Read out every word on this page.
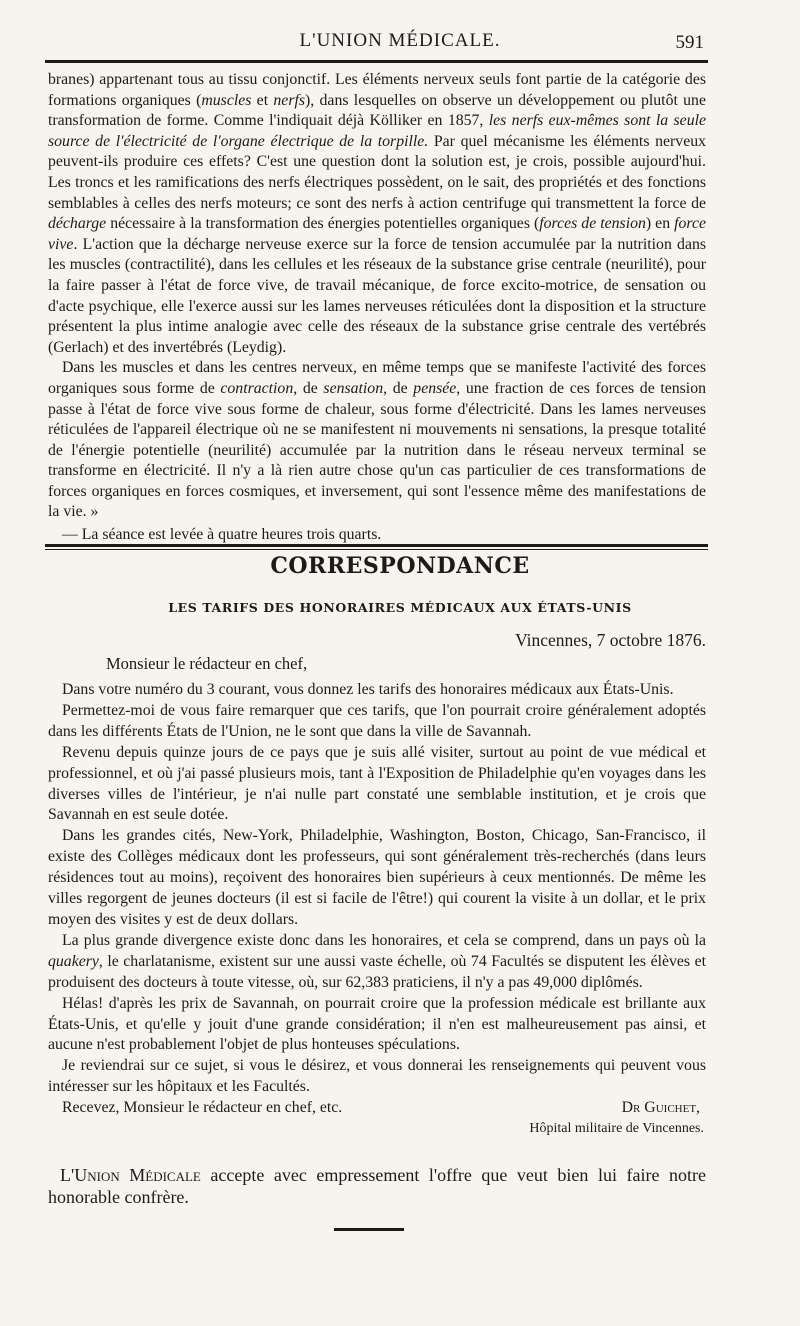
L'UNION MÉDICALE.	591

branes) appartenant tous au tissu conjonctif. Les éléments nerveux seuls font partie de la catégorie des formations organiques (muscles et nerfs), dans lesquelles on observe un développement ou plutôt une transformation de forme. Comme l'indiquait déjà Kölliker en 1857, les nerfs eux-mêmes sont la seule source de l'électricité de l'organe électrique de la torpille. Par quel mécanisme les éléments nerveux peuvent-ils produire ces effets? C'est une question dont la solution est, je crois, possible aujourd'hui. Les troncs et les ramifications des nerfs électriques possèdent, on le sait, des propriétés et des fonctions semblables à celles des nerfs moteurs; ce sont des nerfs à action centrifuge qui transmettent la force de décharge nécessaire à la transformation des énergies potentielles organiques (forces de tension) en force vive. L'action que la décharge nerveuse exerce sur la force de tension accumulée par la nutrition dans les muscles (contractilité), dans les cellules et les réseaux de la substance grise centrale (neurilité), pour la faire passer à l'état de force vive, de travail mécanique, de force excito-motrice, de sensation ou d'acte psychique, elle l'exerce aussi sur les lames nerveuses réticulées dont la disposition et la structure présentent la plus intime analogie avec celle des réseaux de la substance grise centrale des vertébrés (Gerlach) et des invertébrés (Leydig).

Dans les muscles et dans les centres nerveux, en même temps que se manifeste l'activité des forces organiques sous forme de contraction, de sensation, de pensée, une fraction de ces forces de tension passe à l'état de force vive sous forme de chaleur, sous forme d'électricité. Dans les lames nerveuses réticulées de l'appareil électrique où ne se manifestent ni mouvements ni sensations, la presque totalité de l'énergie potentielle (neurilité) accumulée par la nutrition dans le réseau nerveux terminal se transforme en électricité. Il n'y a là rien autre chose qu'un cas particulier de ces transformations de forces organiques en forces cosmiques, et inversement, qui sont l'essence même des manifestations de la vie. »

— La séance est levée à quatre heures trois quarts.

CORRESPONDANCE
LES TARIFS DES HONORAIRES MÉDICAUX AUX ÉTATS-UNIS

Vincennes, 7 octobre 1876.

Monsieur le rédacteur en chef,

Dans votre numéro du 3 courant, vous donnez les tarifs des honoraires médicaux aux États-Unis.

Permettez-moi de vous faire remarquer que ces tarifs, que l'on pourrait croire généralement adoptés dans les différents États de l'Union, ne le sont que dans la ville de Savannah.

Revenu depuis quinze jours de ce pays que je suis allé visiter, surtout au point de vue médical et professionnel, et où j'ai passé plusieurs mois, tant à l'Exposition de Philadelphie qu'en voyages dans les diverses villes de l'intérieur, je n'ai nulle part constaté une semblable institution, et je crois que Savannah en est seule dotée.

Dans les grandes cités, New-York, Philadelphie, Washington, Boston, Chicago, San-Francisco, il existe des Collèges médicaux dont les professeurs, qui sont généralement très-recherchés (dans leurs résidences tout au moins), reçoivent des honoraires bien supérieurs à ceux mentionnés. De même les villes regorgent de jeunes docteurs (il est si facile de l'être!) qui courent la visite à un dollar, et le prix moyen des visites y est de deux dollars.

La plus grande divergence existe donc dans les honoraires, et cela se comprend, dans un pays où la quakery, le charlatanisme, existent sur une aussi vaste échelle, où 74 Facultés se disputent les élèves et produisent des docteurs à toute vitesse, où, sur 62,383 praticiens, il n'y a pas 49,000 diplômés.

Hélas! d'après les prix de Savannah, on pourrait croire que la profession médicale est brillante aux États-Unis, et qu'elle y jouit d'une grande considération; il n'en est malheureusement pas ainsi, et aucune n'est probablement l'objet de plus honteuses spéculations.

Je reviendrai sur ce sujet, si vous le désirez, et vous donnerai les renseignements qui peuvent vous intéresser sur les hôpitaux et les Facultés.

Recevez, Monsieur le rédacteur en chef, etc.	Dr Guichet,

Hôpital militaire de Vincennes.

L'Union Médicale accepte avec empressement l'offre que veut bien lui faire notre honorable confrère.
